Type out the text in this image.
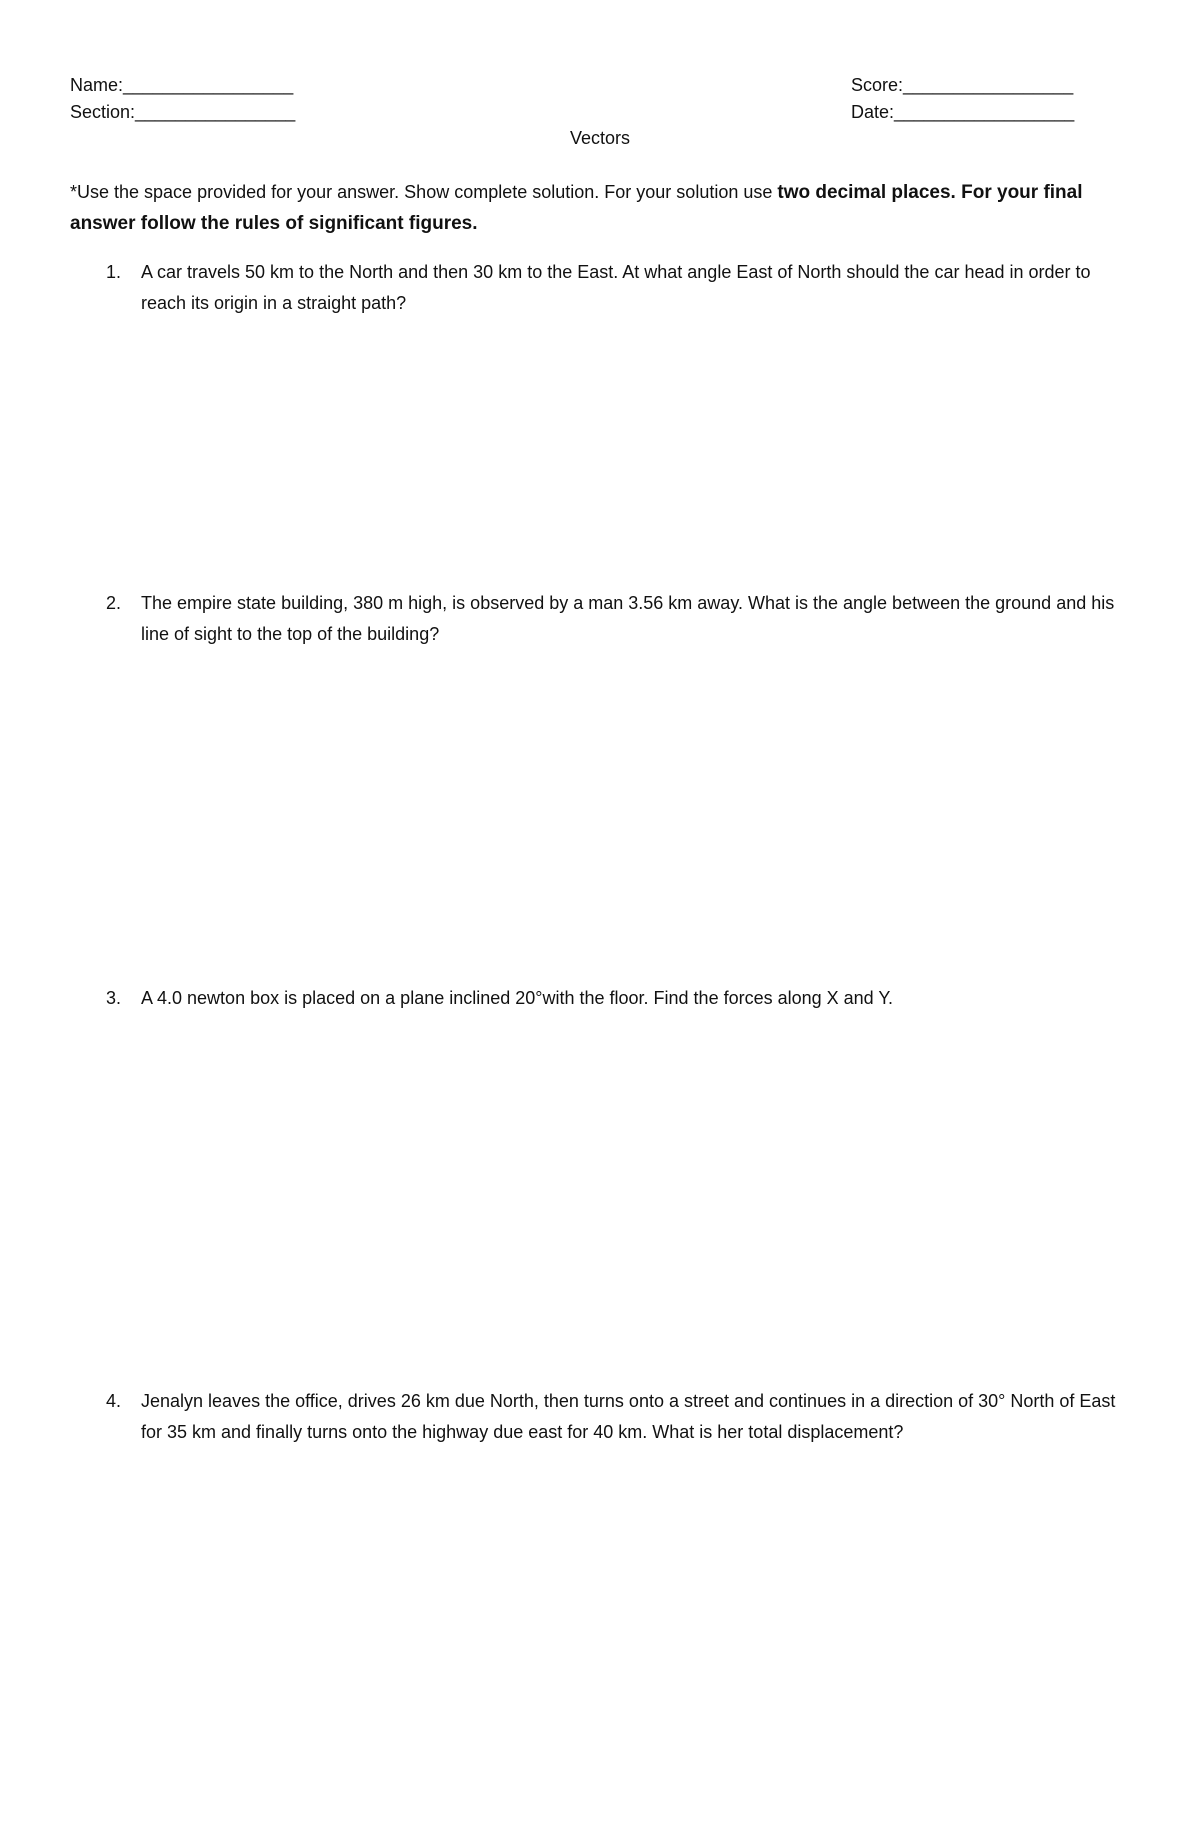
Name:_________________
Section:________________
Score:_________________
Date:__________________
Vectors
*Use the space provided for your answer. Show complete solution. For your solution use two decimal places. For your final answer follow the rules of significant figures.
1.	A car travels 50 km to the North and then 30 km to the East. At what angle East of North should the car head in order to reach its origin in a straight path?
2.	The empire state building, 380 m high, is observed by a man 3.56 km away. What is the angle between the ground and his line of sight to the top of the building?
3.	A 4.0 newton box is placed on a plane inclined 20°with the floor. Find the forces along X and Y.
4.	Jenalyn leaves the office, drives 26 km due North, then turns onto a street and continues in a direction of 30° North of East for 35 km and finally turns onto the highway due east for 40 km. What is her total displacement?
